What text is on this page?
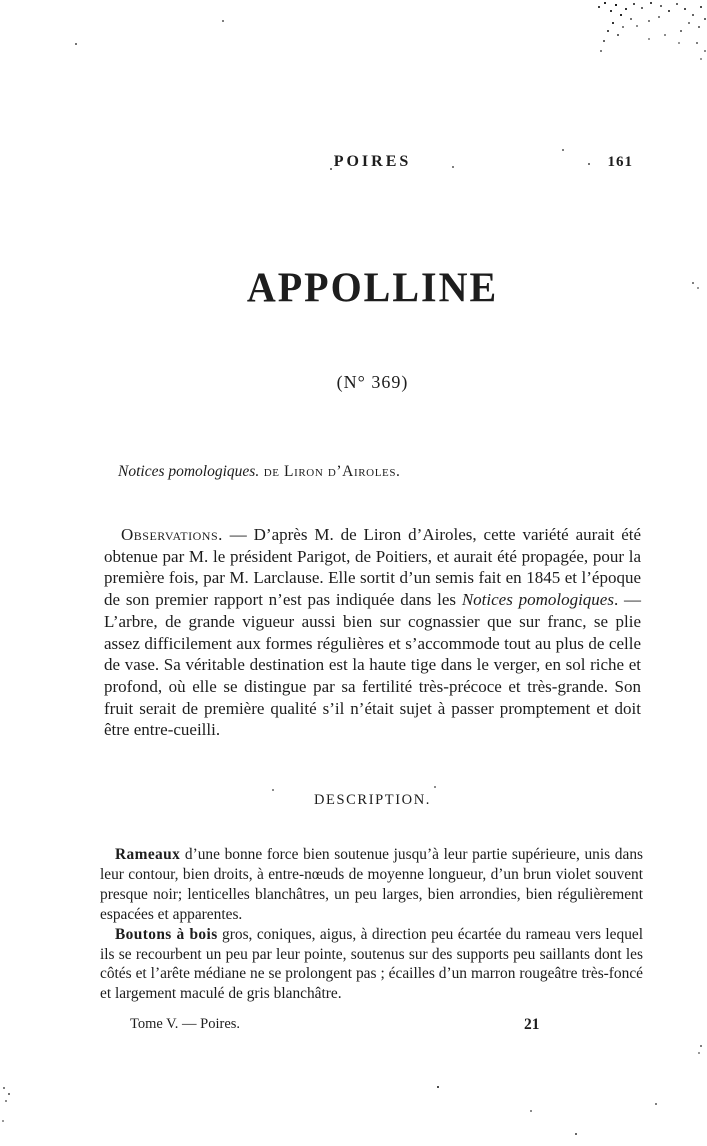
POIRES	161
APPOLLINE
(N° 369)
Notices pomologiques. de Liron d’Airoles.

Observations. — D’après M. de Liron d’Airoles, cette variété aurait été obtenue par M. le président Parigot, de Poitiers, et aurait été propagée, pour la première fois, par M. Larclause. Elle sortit d’un semis fait en 1845 et l’époque de son premier rapport n’est pas indiquée dans les Notices pomologiques. — L’arbre, de grande vigueur aussi bien sur cognassier que sur franc, se plie assez difficilement aux formes régulières et s’accommode tout au plus de celle de vase. Sa véritable destination est la haute tige dans le verger, en sol riche et profond, où elle se distingue par sa fertilité très-précoce et très-grande. Son fruit serait de première qualité s’il n’était sujet à passer promptement et doit être entre-cueilli.

DESCRIPTION.

Rameaux d’une bonne force bien soutenue jusqu’à leur partie supérieure, unis dans leur contour, bien droits, à entre-nœuds de moyenne longueur, d’un brun violet souvent presque noir; lenticelles blanchâtres, un peu larges, bien arrondies, bien régulièrement espacées et apparentes.

Boutons à bois gros, coniques, aigus, à direction peu écartée du rameau vers lequel ils se recourbent un peu par leur pointe, soutenus sur des supports peu saillants dont les côtés et l’arête médiane ne se prolongent pas ; écailles d’un marron rougeâtre très-foncé et largement maculé de gris blanchâtre.

Tome V. — Poires.	21
